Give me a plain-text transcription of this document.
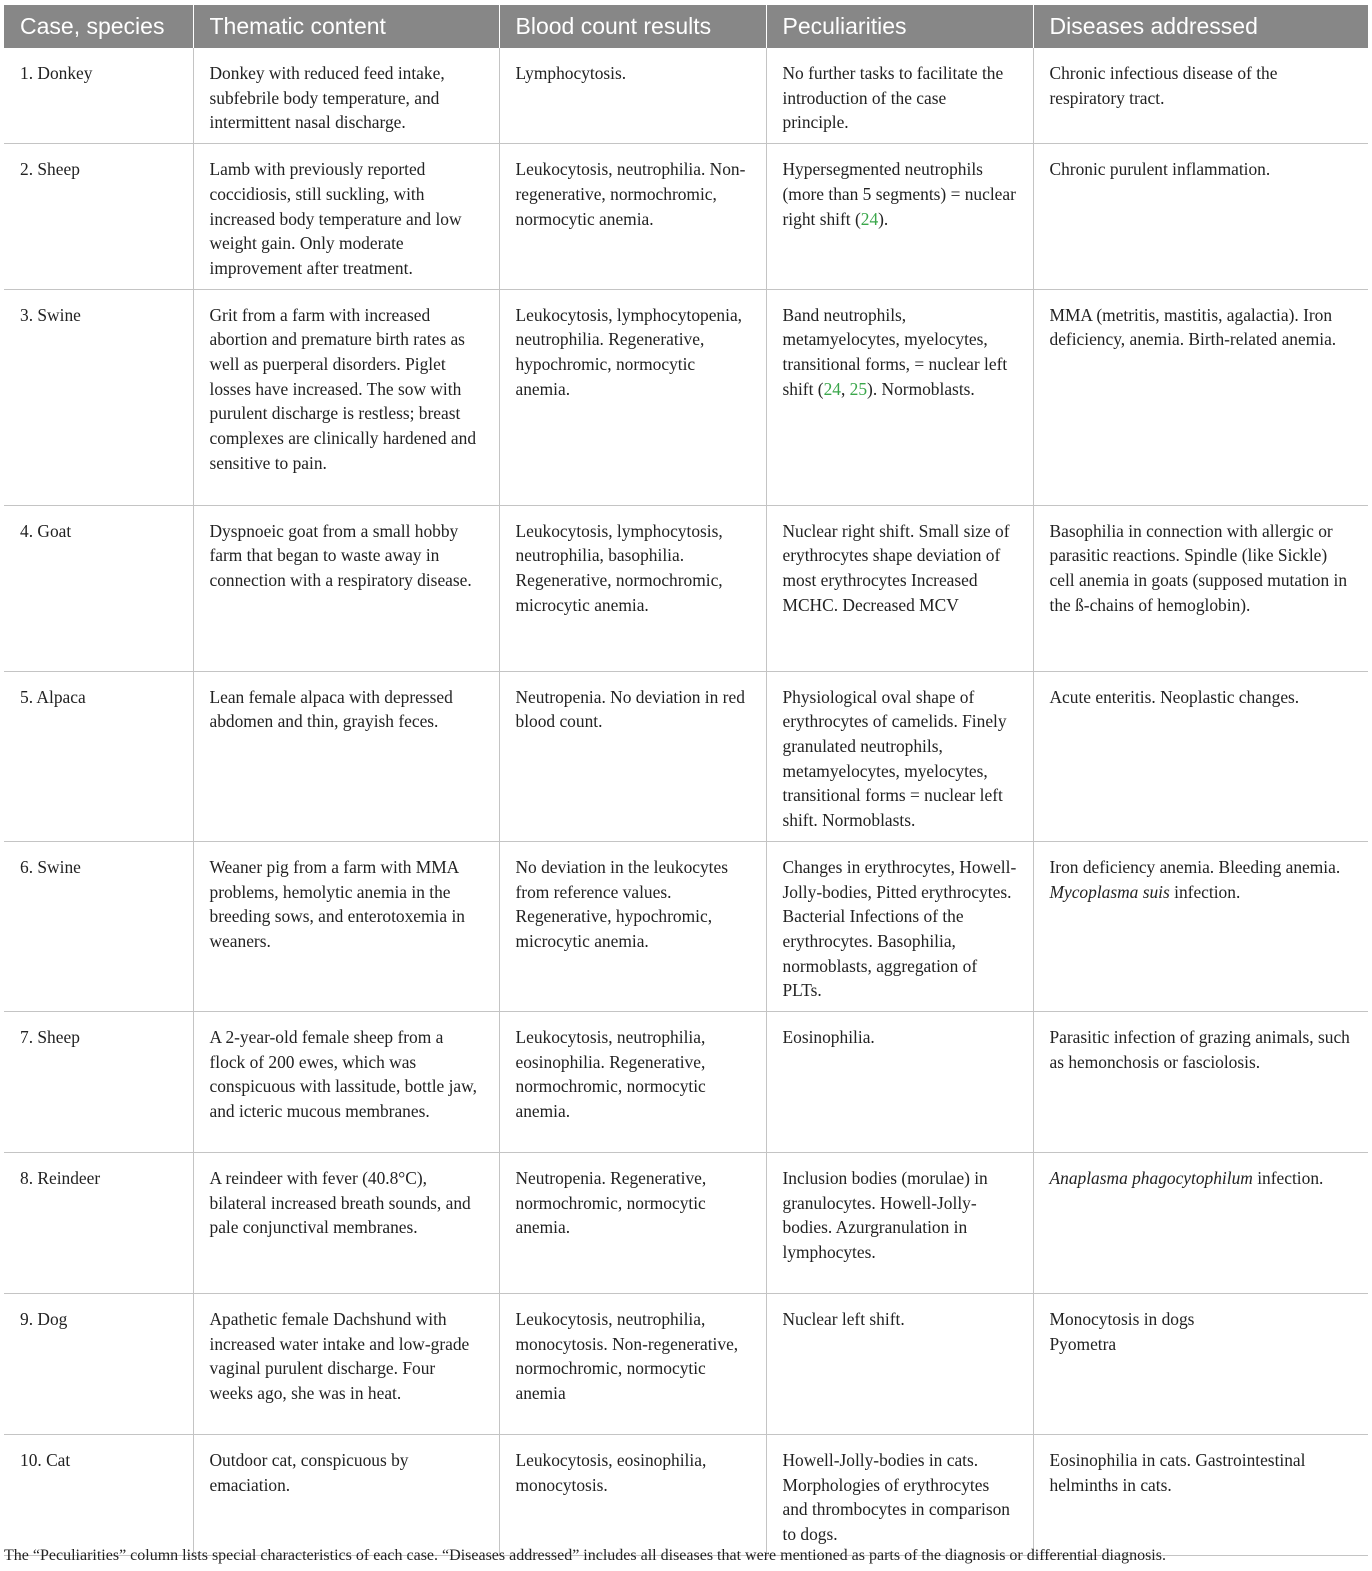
Case, species	Thematic content	Blood count results	Peculiarities	Diseases addressed
1. Donkey	Donkey with reduced feed intake, subfebrile body temperature, and intermittent nasal discharge.	Lymphocytosis.	No further tasks to facilitate the introduction of the case principle.	Chronic infectious disease of the respiratory tract.
2. Sheep	Lamb with previously reported coccidiosis, still suckling, with increased body temperature and low weight gain. Only moderate improvement after treatment.	Leukocytosis, neutrophilia. Non-regenerative, normochromic, normocytic anemia.	Hypersegmented neutrophils (more than 5 segments) = nuclear right shift (24).	Chronic purulent inflammation.
3. Swine	Grit from a farm with increased abortion and premature birth rates as well as puerperal disorders. Piglet losses have increased. The sow with purulent discharge is restless; breast complexes are clinically hardened and sensitive to pain.	Leukocytosis, lymphocytopenia, neutrophilia. Regenerative, hypochromic, normocytic anemia.	Band neutrophils, metamyelocytes, myelocytes, transitional forms, = nuclear left shift (24, 25). Normoblasts.	MMA (metritis, mastitis, agalactia). Iron deficiency, anemia. Birth-related anemia.
4. Goat	Dyspnoeic goat from a small hobby farm that began to waste away in connection with a respiratory disease.	Leukocytosis, lymphocytosis, neutrophilia, basophilia. Regenerative, normochromic, microcytic anemia.	Nuclear right shift. Small size of erythrocytes shape deviation of most erythrocytes Increased MCHC. Decreased MCV	Basophilia in connection with allergic or parasitic reactions. Spindle (like Sickle) cell anemia in goats (supposed mutation in the ß-chains of hemoglobin).
5. Alpaca	Lean female alpaca with depressed abdomen and thin, grayish feces.	Neutropenia. No deviation in red blood count.	Physiological oval shape of erythrocytes of camelids. Finely granulated neutrophils, metamyelocytes, myelocytes, transitional forms = nuclear left shift. Normoblasts.	Acute enteritis. Neoplastic changes.
6. Swine	Weaner pig from a farm with MMA problems, hemolytic anemia in the breeding sows, and enterotoxemia in weaners.	No deviation in the leukocytes from reference values. Regenerative, hypochromic, microcytic anemia.	Changes in erythrocytes, Howell-Jolly-bodies, Pitted erythrocytes. Bacterial Infections of the erythrocytes. Basophilia, normoblasts, aggregation of PLTs.	Iron deficiency anemia. Bleeding anemia. Mycoplasma suis infection.
7. Sheep	A 2-year-old female sheep from a flock of 200 ewes, which was conspicuous with lassitude, bottle jaw, and icteric mucous membranes.	Leukocytosis, neutrophilia, eosinophilia. Regenerative, normochromic, normocytic anemia.	Eosinophilia.	Parasitic infection of grazing animals, such as hemonchosis or fasciolosis.
8. Reindeer	A reindeer with fever (40.8°C), bilateral increased breath sounds, and pale conjunctival membranes.	Neutropenia. Regenerative, normochromic, normocytic anemia.	Inclusion bodies (morulae) in granulocytes. Howell-Jolly-bodies. Azurgranulation in lymphocytes.	Anaplasma phagocytophilum infection.
9. Dog	Apathetic female Dachshund with increased water intake and low-grade vaginal purulent discharge. Four weeks ago, she was in heat.	Leukocytosis, neutrophilia, monocytosis. Non-regenerative, normochromic, normocytic anemia	Nuclear left shift.	Monocytosis in dogs
Pyometra
10. Cat	Outdoor cat, conspicuous by emaciation.	Leukocytosis, eosinophilia, monocytosis.	Howell-Jolly-bodies in cats. Morphologies of erythrocytes and thrombocytes in comparison to dogs.	Eosinophilia in cats. Gastrointestinal helminths in cats.
The “Peculiarities” column lists special characteristics of each case. “Diseases addressed” includes all diseases that were mentioned as parts of the diagnosis or differential diagnosis.
